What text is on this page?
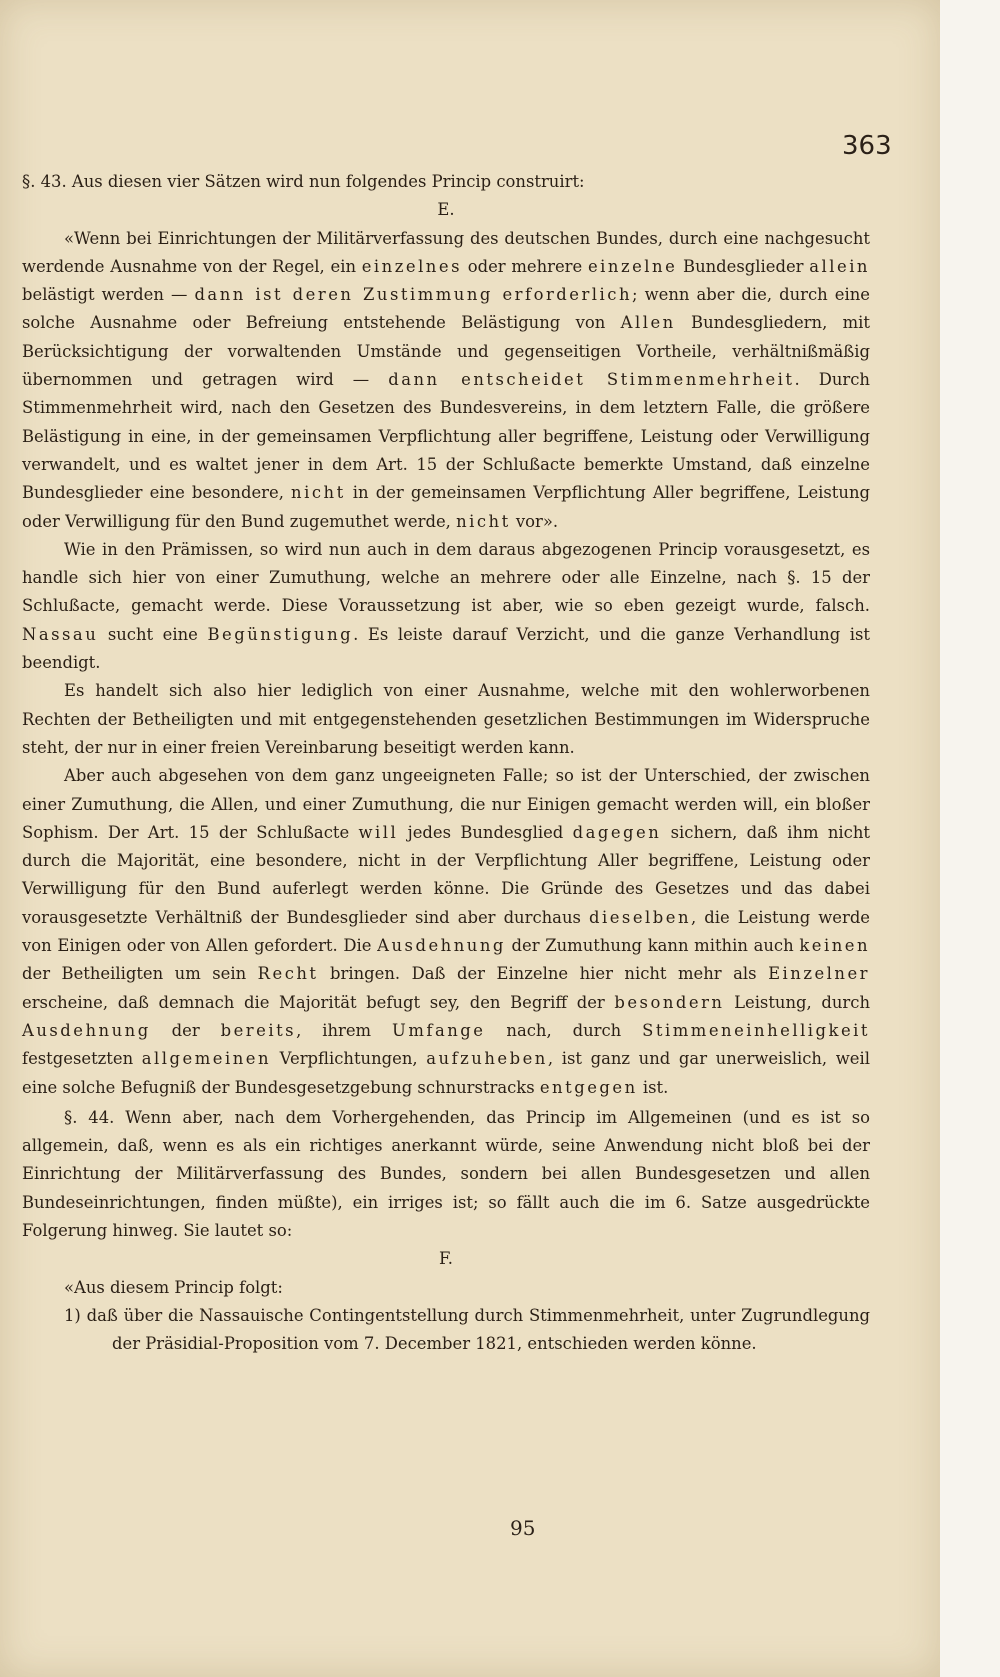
363

§. 43. Aus diesen vier Sätzen wird nun folgendes Princip construirt:

E.

«Wenn bei Einrichtungen der Militärverfassung des deutschen Bundes, durch eine nachgesucht werdende Ausnahme von der Regel, ein einzelnes oder mehrere einzelne Bundesglieder allein belästigt werden — dann ist deren Zustimmung erforderlich; wenn aber die, durch eine solche Ausnahme oder Befreiung entstehende Belästigung von Allen Bundesgliedern, mit Berücksichtigung der vorwaltenden Umstände und gegenseitigen Vortheile, verhältnißmäßig übernommen und getragen wird — dann entscheidet Stimmenmehrheit. Durch Stimmenmehrheit wird, nach den Gesetzen des Bundesvereins, in dem letztern Falle, die größere Belästigung in eine, in der gemeinsamen Verpflichtung aller begriffene, Leistung oder Verwilligung verwandelt, und es waltet jener in dem Art. 15 der Schlußacte bemerkte Umstand, daß einzelne Bundesglieder eine besondere, nicht in der gemeinsamen Verpflichtung Aller begriffene, Leistung oder Verwilligung für den Bund zugemuthet werde, nicht vor».

Wie in den Prämissen, so wird nun auch in dem daraus abgezogenen Princip vorausgesetzt, es handle sich hier von einer Zumuthung, welche an mehrere oder alle Einzelne, nach §. 15 der Schlußacte, gemacht werde. Diese Voraussetzung ist aber, wie so eben gezeigt wurde, falsch. Nassau sucht eine Begünstigung. Es leiste darauf Verzicht, und die ganze Verhandlung ist beendigt.

Es handelt sich also hier lediglich von einer Ausnahme, welche mit den wohlerworbenen Rechten der Betheiligten und mit entgegenstehenden gesetzlichen Bestimmungen im Widerspruche steht, der nur in einer freien Vereinbarung beseitigt werden kann.

Aber auch abgesehen von dem ganz ungeeigneten Falle; so ist der Unterschied, der zwischen einer Zumuthung, die Allen, und einer Zumuthung, die nur Einigen gemacht werden will, ein bloßer Sophism. Der Art. 15 der Schlußacte will jedes Bundesglied dagegen sichern, daß ihm nicht durch die Majorität, eine besondere, nicht in der Verpflichtung Aller begriffene, Leistung oder Verwilligung für den Bund auferlegt werden könne. Die Gründe des Gesetzes und das dabei vorausgesetzte Verhältniß der Bundesglieder sind aber durchaus dieselben, die Leistung werde von Einigen oder von Allen gefordert. Die Ausdehnung der Zumuthung kann mithin auch keinen der Betheiligten um sein Recht bringen. Daß der Einzelne hier nicht mehr als Einzelner erscheine, daß demnach die Majorität befugt sey, den Begriff der besondern Leistung, durch Ausdehnung der bereits, ihrem Umfange nach, durch Stimmeneinhelligkeit festgesetzten allgemeinen Verpflichtungen, aufzuheben, ist ganz und gar unerweislich, weil eine solche Befugniß der Bundesgesetzgebung schnurstracks entgegen ist.

§. 44. Wenn aber, nach dem Vorhergehenden, das Princip im Allgemeinen (und es ist so allgemein, daß, wenn es als ein richtiges anerkannt würde, seine Anwendung nicht bloß bei der Einrichtung der Militärverfassung des Bundes, sondern bei allen Bundesgesetzen und allen Bundeseinrichtungen, finden müßte), ein irriges ist; so fällt auch die im 6. Satze ausgedrückte Folgerung hinweg. Sie lautet so:

F.

«Aus diesem Princip folgt:

1) daß über die Nassauische Contingentstellung durch Stimmenmehrheit, unter Zugrundlegung der Präsidial-Proposition vom 7. December 1821, entschieden werden könne.

95
